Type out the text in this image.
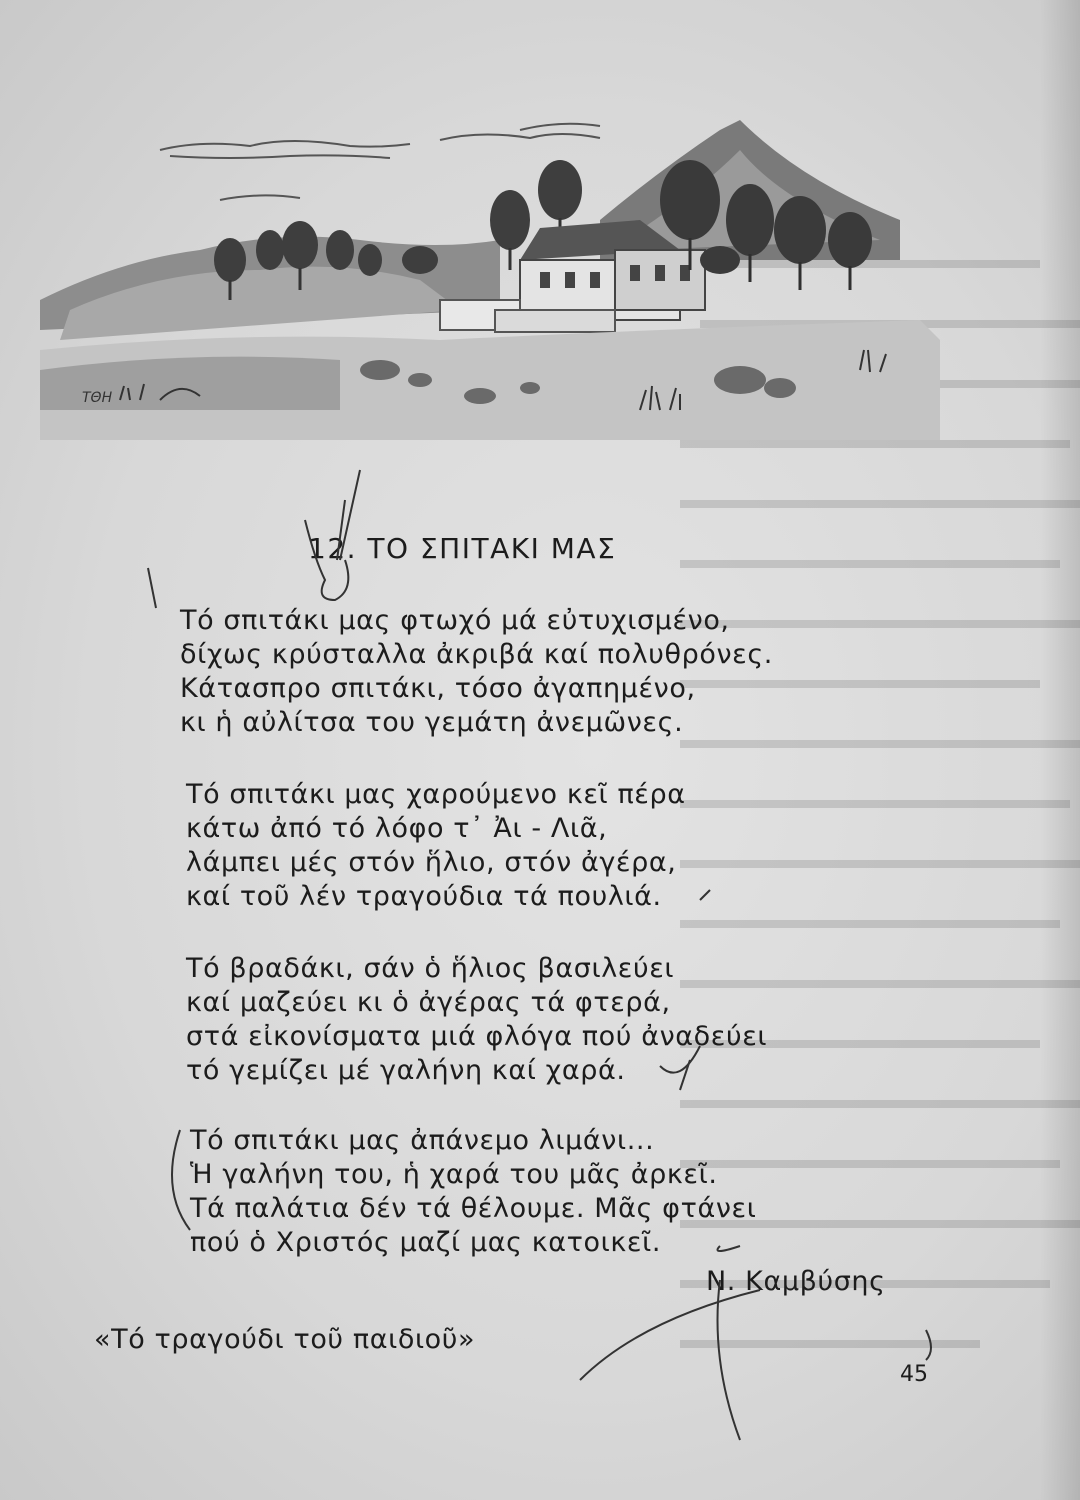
ΤΘΗ
12. ΤΟ ΣΠΙΤΑΚΙ ΜΑΣ

Τό σπιτάκι μας φτωχό μά εὐτυχισμένο,
δίχως κρύσταλλα ἀκριβά καί πολυθρόνες.
Κάτασπρο σπιτάκι, τόσο ἀγαπημένο,
κι ἡ αὐλίτσα του γεμάτη ἀνεμῶνες.

Τό σπιτάκι μας χαρούμενο κεῖ πέρα
κάτω ἀπό τό λόφο τ᾽ Ἀι - Λιᾶ,
λάμπει μές στόν ἥλιο, στόν ἀγέρα,
καί τοῦ λέν τραγούδια τά πουλιά.

Τό βραδάκι, σάν ὁ ἥλιος βασιλεύει
καί μαζεύει κι ὁ ἀγέρας τά φτερά,
στά εἰκονίσματα μιά φλόγα πού ἀναδεύει
τό γεμίζει μέ γαλήνη καί χαρά.

Τό σπιτάκι μας ἀπάνεμο λιμάνι...
Ἡ γαλήνη του, ἡ χαρά του μᾶς ἀρκεῖ.
Τά παλάτια δέν τά θέλουμε. Μᾶς φτάνει
πού ὁ Χριστός μαζί μας κατοικεῖ.

Ν. Καμβύσης
«Τό τραγούδι τοῦ παιδιοῦ»
45
